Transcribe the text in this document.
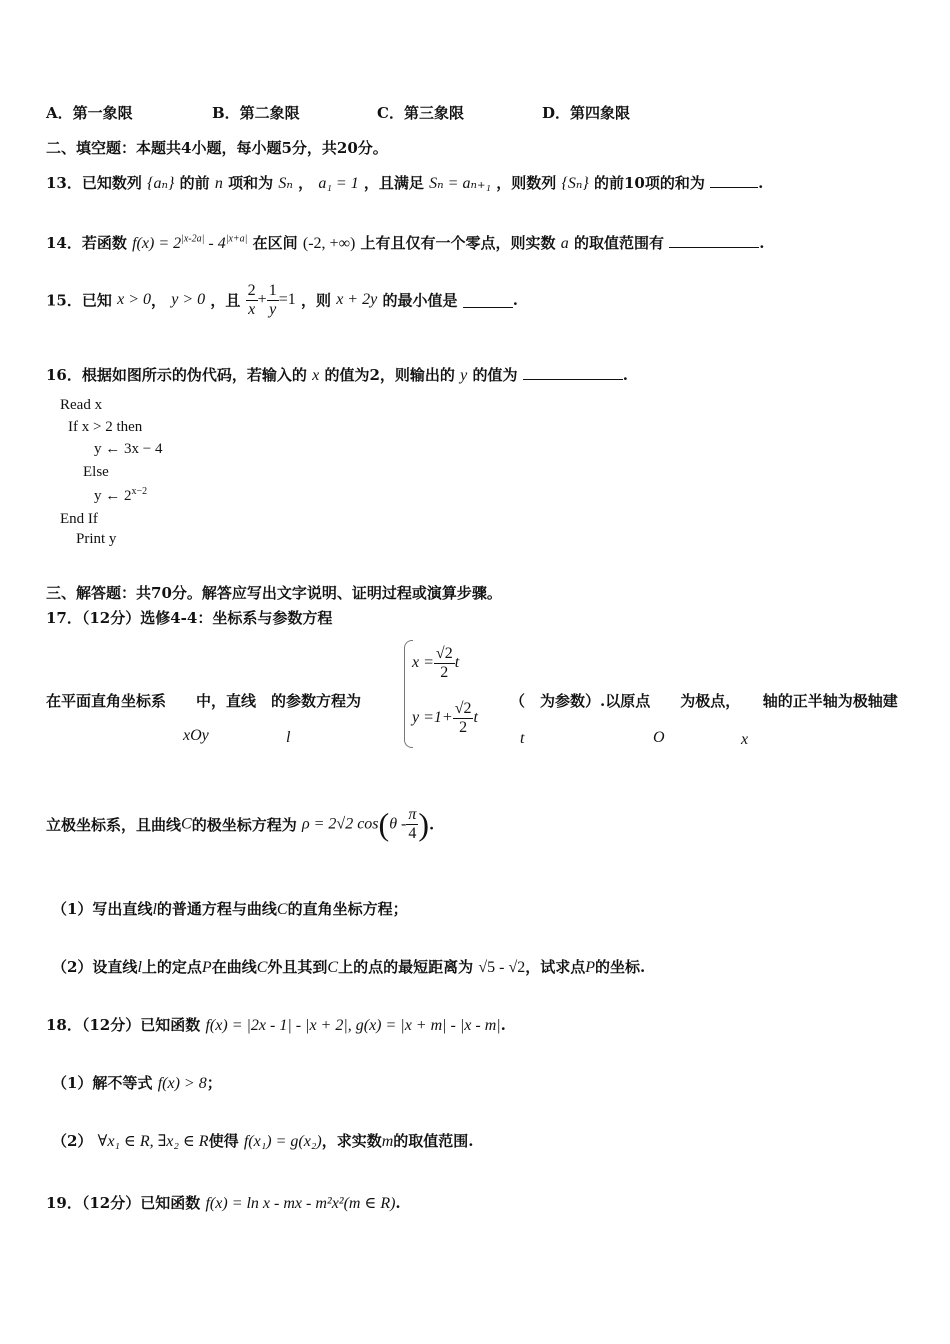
A．第一象限	B．第二象限	C．第三象限	D．第四象限
二、填空题：本题共4小题，每小题5分，共20分。
13．已知数列 {aₙ} 的前 n 项和为 Sₙ ， a₁ = 1 ，且满足 Sₙ = aₙ₊₁ ，则数列 {Sₙ} 的前10项的和为	.
14．若函数 $f(x) = 2^{|x-2a|} - 4^{|x+a|}$ 在区间 (-2, +∞) 上有且仅有一个零点，则实数 a 的取值范围有	.
15．已知 x > 0， y > 0 ，且 $\frac{2}{x} + \frac{1}{y} =1$ ，则 x + 2y 的最小值是	.
16．根据如图所示的伪代码，若输入的 x 的值为2，则输出的 y 的值为	.
Read x
If x > 2 then
y ← 3x − 4
Else
y ← $2^{x-2}$
End If
Print y
三、解答题：共70分。解答应写出文字说明、证明过程或演算步骤。
17．（12分）选修4-4：坐标系与参数方程
在平面直角坐标系　　中，直线　的参数方程为
$x = \frac{√2}{2}$ t
$y =1+ \frac{√2}{2}$ t
（　为参数）.以原点　　为极点，　　轴的正半轴为极轴建
xOy	l	t	O	x
立极坐标系，且曲线C的极坐标方程为 ρ = 2√2 $\cos(\theta - \frac{\pi}{4}$ ).
（1）写出直线l的普通方程与曲线C的直角坐标方程；
（2）设直线l上的定点P在曲线C外且其到C上的点的最短距离为 √5 - √2，试求点P的坐标.
18．（12分）已知函数 f(x) = |2x - 1| - |x + 2|, g(x) = |x + m| - |x - m|.
（1）解不等式 f(x) > 8；
（2） ∀x₁ ∈ R, ∃x₂ ∈ R使得 f(x₁) = g(x₂)，求实数m的取值范围.
19．（12分）已知函数 f(x) = ln x - mx - m²x²(m ∈ R).
